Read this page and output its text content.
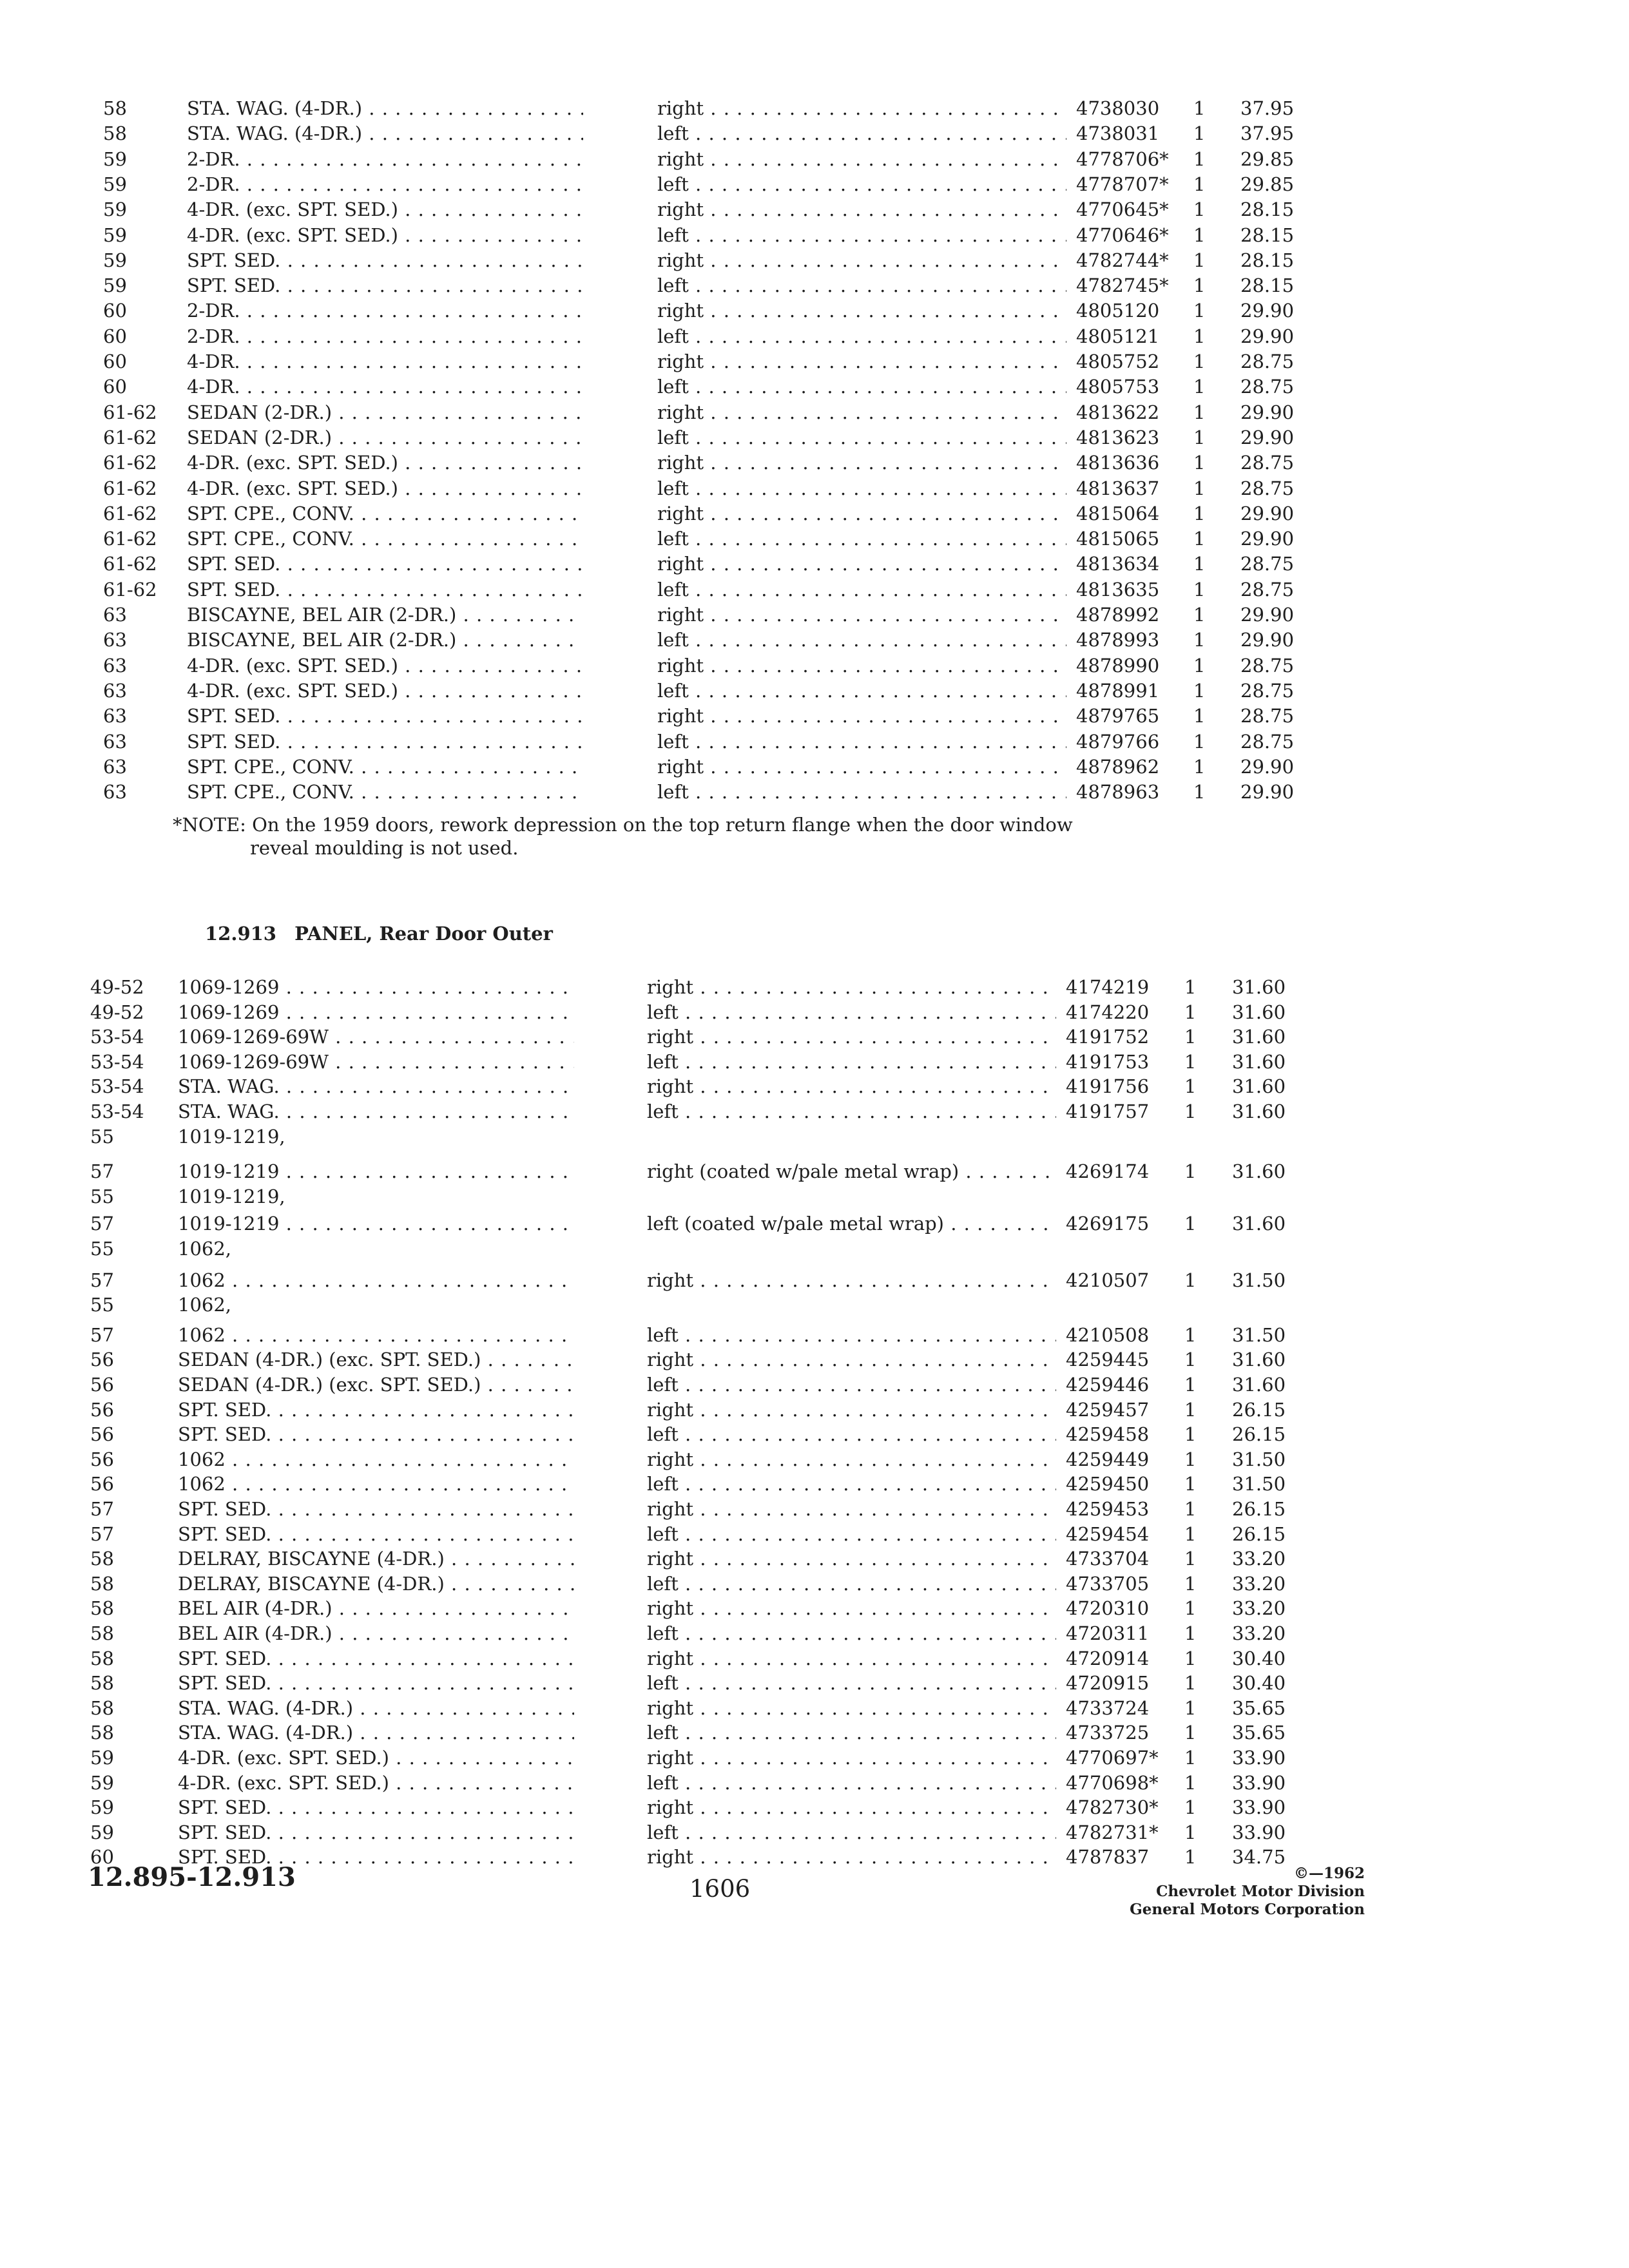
58	STA. WAG. (4-DR.) . . .	right . . .	4738030	1	37.95
58	STA. WAG. (4-DR.) . . .	left . . .	4738031	1	37.95
59	2-DR. . . .	right . . .	4778706*	1	29.85
59	2-DR. . . .	left . . .	4778707*	1	29.85
59	4-DR. (exc. SPT. SED.) . . .	right . . .	4770645*	1	28.15
59	4-DR. (exc. SPT. SED.) . . .	left . . .	4770646*	1	28.15
59	SPT. SED. . . .	right . . .	4782744*	1	28.15
59	SPT. SED. . . .	left . . .	4782745*	1	28.15
60	2-DR. . . .	right . . .	4805120	1	29.90
60	2-DR. . . .	left . . .	4805121	1	29.90
60	4-DR. . . .	right . . .	4805752	1	28.75
60	4-DR. . . .	left . . .	4805753	1	28.75
61-62	SEDAN (2-DR.) . . .	right . . .	4813622	1	29.90
61-62	SEDAN (2-DR.) . . .	left . . .	4813623	1	29.90
61-62	4-DR. (exc. SPT. SED.) . . .	right . . .	4813636	1	28.75
61-62	4-DR. (exc. SPT. SED.) . . .	left . . .	4813637	1	28.75
61-62	SPT. CPE., CONV. . . .	right . . .	4815064	1	29.90
61-62	SPT. CPE., CONV. . . .	left . . .	4815065	1	29.90
61-62	SPT. SED. . . .	right . . .	4813634	1	28.75
61-62	SPT. SED. . . .	left . . .	4813635	1	28.75
63	BISCAYNE, BEL AIR (2-DR.) . . .	right . . .	4878992	1	29.90
63	BISCAYNE, BEL AIR (2-DR.) . . .	left . . .	4878993	1	29.90
63	4-DR. (exc. SPT. SED.) . . .	right . . .	4878990	1	28.75
63	4-DR. (exc. SPT. SED.) . . .	left . . .	4878991	1	28.75
63	SPT. SED. . . .	right . . .	4879765	1	28.75
63	SPT. SED. . . .	left . . .	4879766	1	28.75
63	SPT. CPE., CONV. . . .	right . . .	4878962	1	29.90
63	SPT. CPE., CONV. . . .	left . . .	4878963	1	29.90
*NOTE: On the 1959 doors, rework depression on the top return flange when the door window
reveal moulding is not used.
12.913 PANEL, Rear Door Outer
49-52	1069-1269 . . .	right . . .	4174219	1	31.60
49-52	1069-1269 . . .	left . . .	4174220	1	31.60
53-54	1069-1269-69W . . .	right . . .	4191752	1	31.60
53-54	1069-1269-69W . . .	left . . .	4191753	1	31.60
53-54	STA. WAG. . . .	right . . .	4191756	1	31.60
53-54	STA. WAG. . . .	left . . .	4191757	1	31.60
55	1019-1219,
57	1019-1219 . . .	right (coated w/pale metal wrap) . . .	4269174	1	31.60
55	1019-1219,
57	1019-1219 . . .	left (coated w/pale metal wrap) . . .	4269175	1	31.60
55	1062,
57	1062 . . .	right . . .	4210507	1	31.50
55	1062,
57	1062 . . .	left . . .	4210508	1	31.50
56	SEDAN (4-DR.) (exc. SPT. SED.) . . .	right . . .	4259445	1	31.60
56	SEDAN (4-DR.) (exc. SPT. SED.) . . .	left . . .	4259446	1	31.60
56	SPT. SED. . . .	right . . .	4259457	1	26.15
56	SPT. SED. . . .	left . . .	4259458	1	26.15
56	1062 . . .	right . . .	4259449	1	31.50
56	1062 . . .	left . . .	4259450	1	31.50
57	SPT. SED. . . .	right . . .	4259453	1	26.15
57	SPT. SED. . . .	left . . .	4259454	1	26.15
58	DELRAY, BISCAYNE (4-DR.) . . .	right . . .	4733704	1	33.20
58	DELRAY, BISCAYNE (4-DR.) . . .	left . . .	4733705	1	33.20
58	BEL AIR (4-DR.) . . .	right . . .	4720310	1	33.20
58	BEL AIR (4-DR.) . . .	left . . .	4720311	1	33.20
58	SPT. SED. . . .	right . . .	4720914	1	30.40
58	SPT. SED. . . .	left . . .	4720915	1	30.40
58	STA. WAG. (4-DR.) . . .	right . . .	4733724	1	35.65
58	STA. WAG. (4-DR.) . . .	left . . .	4733725	1	35.65
59	4-DR. (exc. SPT. SED.) . . .	right . . .	4770697*	1	33.90
59	4-DR. (exc. SPT. SED.) . . .	left . . .	4770698*	1	33.90
59	SPT. SED. . . .	right . . .	4782730*	1	33.90
59	SPT. SED. . . .	left . . .	4782731*	1	33.90
60	SPT. SED. . . .	right . . .	4787837	1	34.75
12.895-12.913	1606
©—1962
Chevrolet Motor Division
General Motors Corporation
